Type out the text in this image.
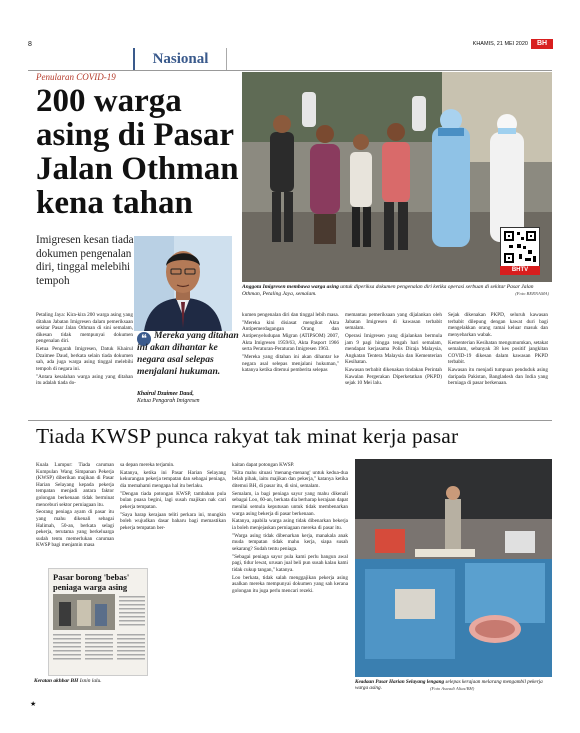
8
Nasional
KHAMIS, 21 MEI 2020	BH
Penularan COVID-19
200 warga asing di Pasar Jalan Othman kena tahan
Imigresen kesan tiada dokumen pengenalan diri, tinggal melebihi tempoh
❝ Mereka yang ditahan ini akan dihantar ke negara asal selepas menjalani hukuman.
Khairul Dzaimee Daud,
Ketua Pengarah Imigresen
BHTV
Anggota Imigresen membawa warga asing untuk diperiksa dokumen pengenalan diri ketika operasi serbuan di sekitar Pasar Jalan Othman, Petaling Jaya, semalam.	(Foto BERNAMA)

Petaling Jaya: Kira-kira 200 warga asing yang ditahan Jabatan Imigresen dalam pemeriksaan sekitar Pasar Jalan Othman di sini semalam, dikesan tidak mempunyai dokumen pengenalan diri.

Ketua Pengarah Imigresen, Datuk Khairul Dzaimee Daud, berkata selain tiada dokumen sah, ada juga warga asing tinggal melebihi tempoh di negara ini.

"Antara kesalahan warga asing yang ditahan itu adalah tiada do-

kumen pengenalan diri dan tinggal lebih masa.

"Mereka kini disiasat mengikut Akta Antipemerdagangan Orang dan Antipenyeludupan Migran (ATIPSOM) 2007, Akta Imigresen 1959/63, Akta Pasport 1966 serta Peraturan-Peraturan Imigresen 1963.

"Mereka yang ditahan ini akan dihantar ke negara asal selepas menjalani hukuman," katanya ketika ditemui pemberita selepas

memantau pemeriksaan yang dijalankan oleh Jabatan Imigresen di kawasan terbabit semalam.

Operasi Imigresen yang dijalankan bermula jam 9 pagi hingga tengah hari semalam, mendapat kerjasama Polis Diraja Malaysia, Angkatan Tentera Malaysia dan Kementerian Kesihatan.

Kawasan terbabit dikenakan tindakan Perintah Kawalan Pergerakan Diperketatkan (PKPD) sejak 10 Mei lalu.

Sejak dikenakan PKPD, seluruh kawasan terbabit dilepung dengan kawat duri bagi mengelakkan orang ramai keluar masuk dan menyebarkan wabak.

Kementerian Kesihatan mengumumkan, setakat semalam, sebanyak 38 kes positif jangkitan COVID-19 dikesan dalam kawasan PKPD terbabit.

Kawasan itu menjadi tumpuan penduduk asing daripada Pakistan, Bangladesh dan India yang berniaga di pasar berkenaan.

Tiada KWSP punca rakyat tak minat kerja pasar

Kuala Lumpur: Tiada caruman Kumpulan Wang Simpanan Pekerja (KWSP) diberikan majikan di Pasar Harian Selayang kepada pekerja tempatan menjadi antara faktor golongan berkenaan tidak berminat menceburi sektor perniagaan itu.

Seorang peniaga ayam di pasar itu yang mahu dikenali sebagai Halimah, 50-an, berkata selagi pekerja, terutama yang berkeluarga sudah tentu memerlukan caruman KWSP bagi menjamin masa

sa depan mereka terjamin.

Katanya, ketika ini Pasar Harian Selayang kekurangan pekerja tempatan dan sebagai peniaga, dia memahami mengapa hal itu berlaku.

"Dengan tiada potongan KWSP, tambahan pula bulan puasa begini, lagi susah majikan nak cari pekerja tempatan.

"Saya harap kerajaan teliti perkara ini, mungkin boleh wujudkan dasar baharu bagi memastikan pekerja tempatan ber-

kaitan dapat potongan KWSP.

"Kita mahu situasi 'menang-menang' untuk kedua-dua belah pihak, iaitu majikan dan pekerja," katanya ketika ditemui BH, di pasar itu, di sini, semalam.

Semalam, ia bagi peniaga sayur yang mahu dikenali sebagai Loo, 60-an, berkata dia berharap kerajaan dapat menilai semula keputusan untuk tidak membenarkan warga asing bekerja di pasar berkenaan.

Katanya, apabila warga asing tidak dibenarkan bekerja ia boleh menjejaskan perniagaan mereka di pasar itu.

"Warga asing tidak dibenarkan kerja, manakala anak muda tempatan tidak mahu kerja, siapa susah sekarang? Sudah tentu peniaga.

"Sebagai peniaga sayur pula kami perlu bangun awal pagi, tidur lewat, urusan jual beli pun susah kalau kami tidak cukup tangan," katanya.

Loo berkata, tidak salah menggajikan pekerja asing asalkan mereka mempunyai dokumen yang sah kerana golongan itu juga perlu mencari rezeki.

Pasar borong 'bebas' peniaga warga asing
Keratan akhbar BH Isnin lalu.	Keadaan Pasar Harian Selayang lengang selepas kerajaan melarang mengambil pekerja warga asing.	(Foto Aswadi Alias/BH)
★
